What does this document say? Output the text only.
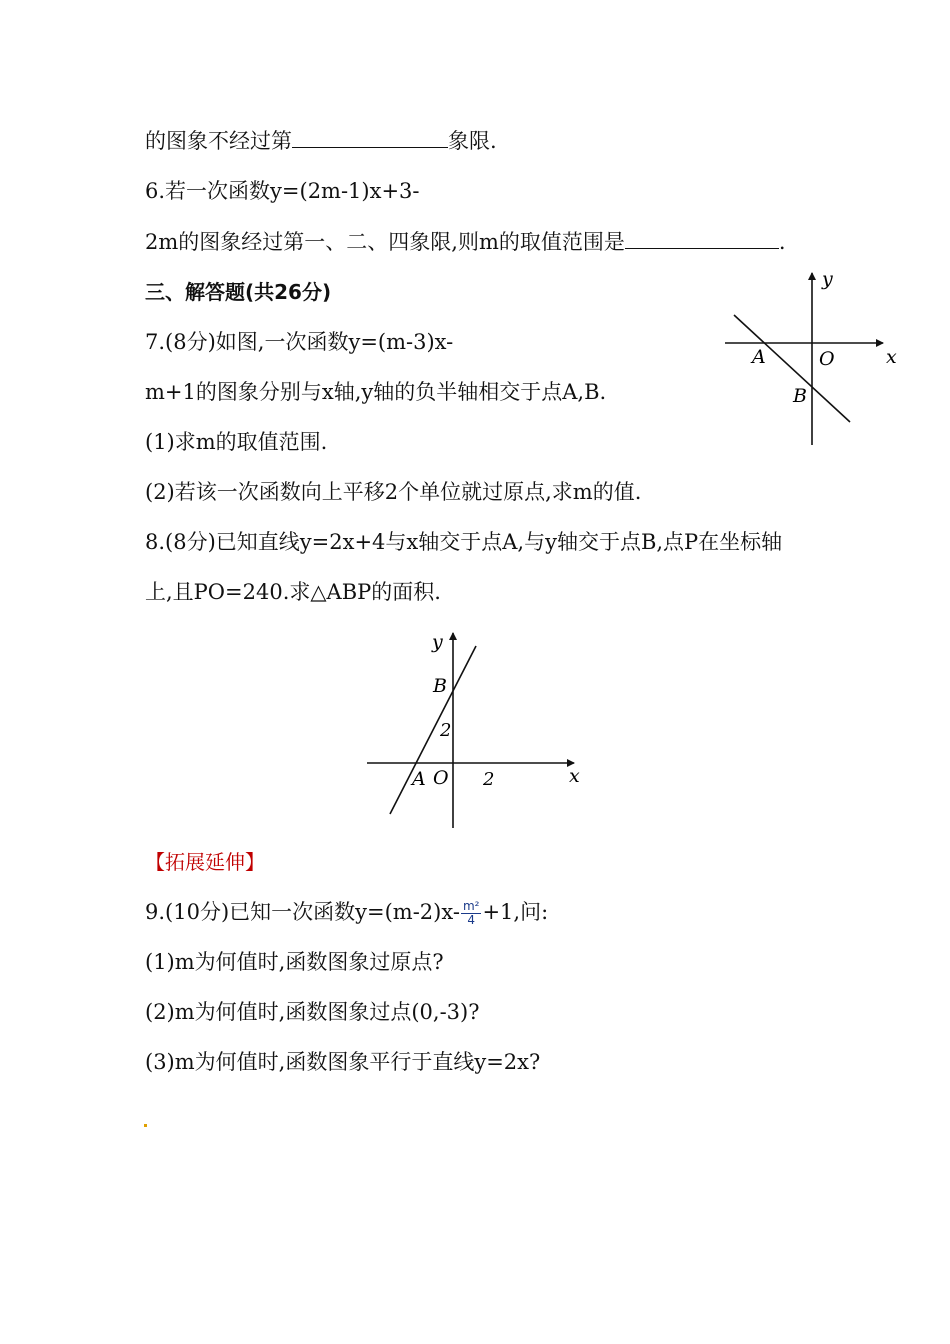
的图象不经过第	象限.
6.若一次函数y=(2m-1)x+3-
2m的图象经过第一、二、四象限,则m的取值范围是	.
三、解答题(共26分)
7.(8分)如图,一次函数y=(m-3)x-
m+1的图象分别与x轴,y轴的负半轴相交于点A,B.
(1)求m的取值范围.
(2)若该一次函数向上平移2个单位就过原点,求m的值.
y
x
A	O
B
8.(8分)已知直线y=2x+4与x轴交于点A,与y轴交于点B,点P在坐标轴
上,且PO=240.求△ABP的面积.
y
B
2
A O 2	x
【拓展延伸】
9.(10分)已知一次函数$y=(m-2)x- \frac{\text{m²}}{4} +1$,问:
(1)m为何值时,函数图象过原点?
(2)m为何值时,函数图象过点(0,-3)?
(3)m为何值时,函数图象平行于直线y=2x?
